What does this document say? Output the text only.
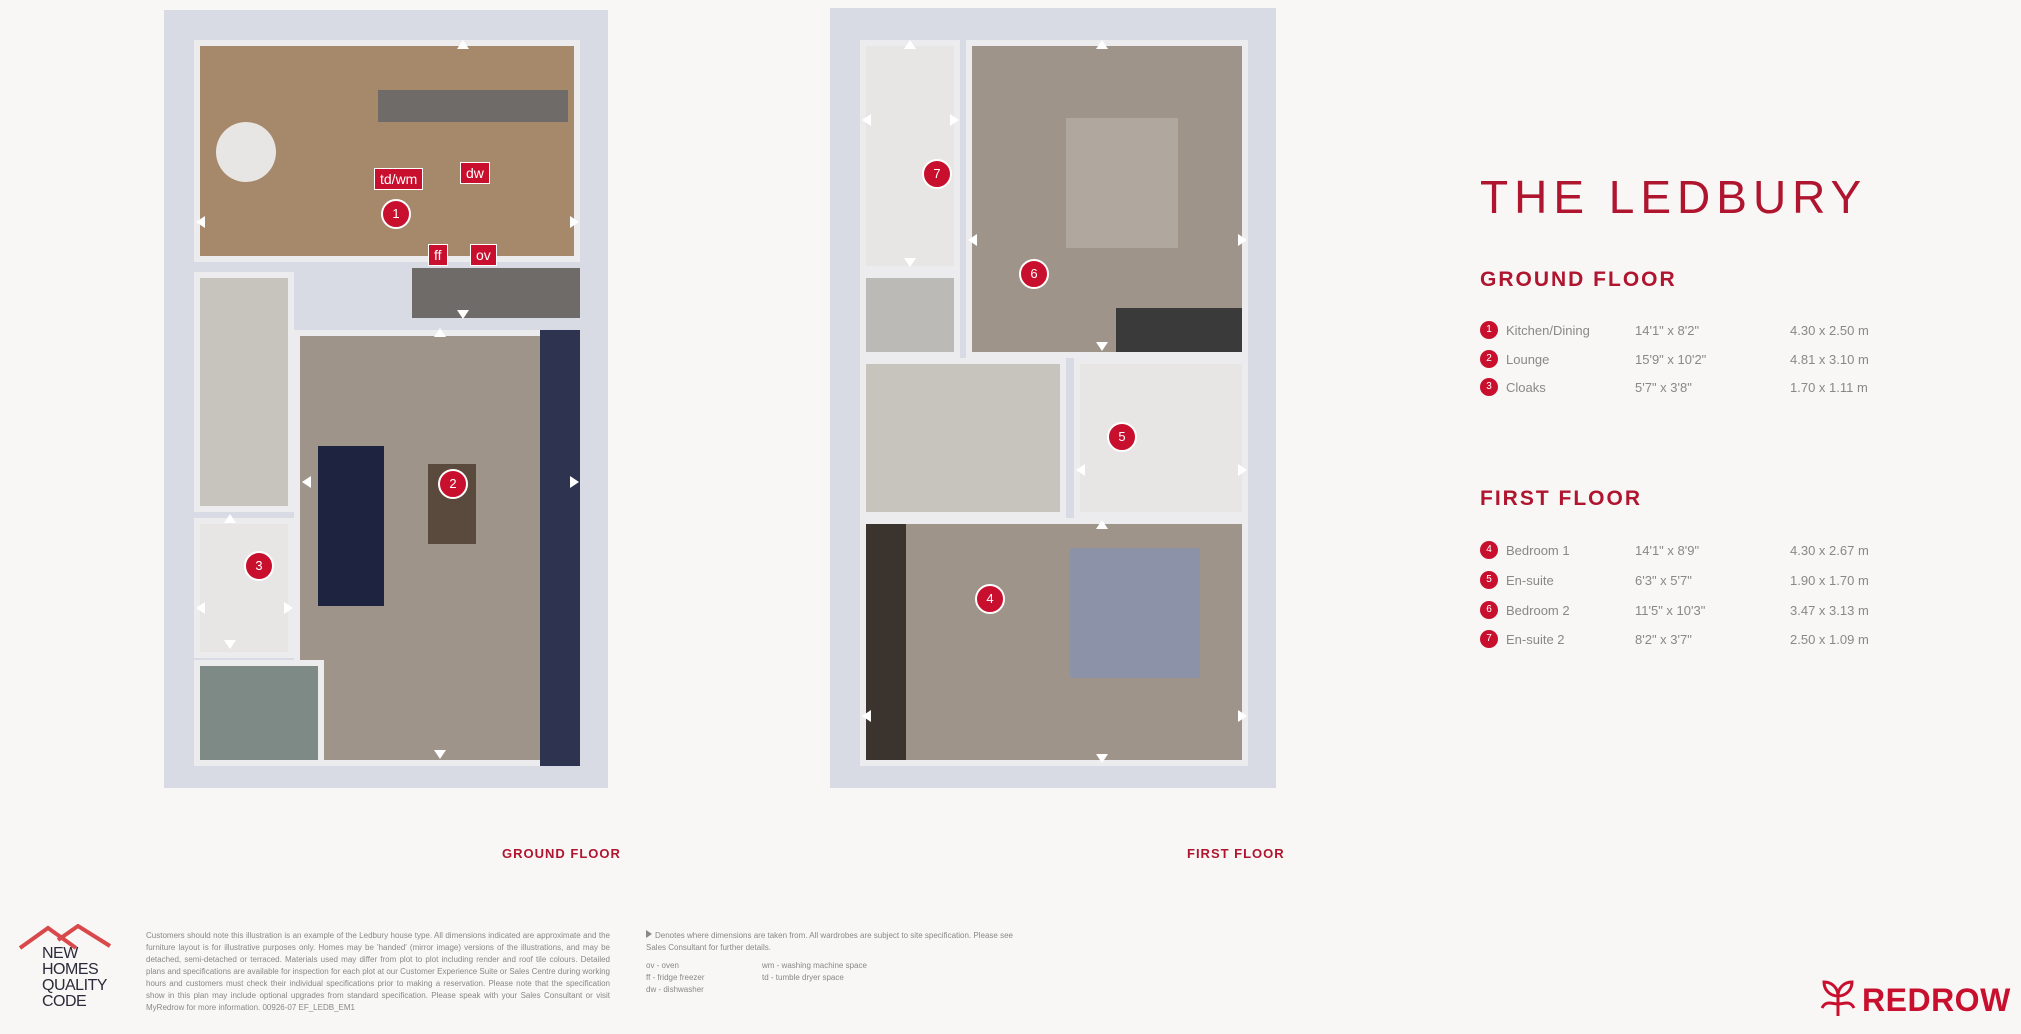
td/wm	dw
ff	ov
1
2
3
7
6
5
4
GROUND FLOOR	FIRST FLOOR
THE LEDBURY
GROUND FLOOR
1	Kitchen/Dining	14'1" x 8'2"	4.30 x 2.50 m
2	Lounge	15'9" x 10'2"	4.81 x 3.10 m
3	Cloaks	5'7" x 3'8"	1.70 x 1.11 m
FIRST FLOOR
4	Bedroom 1	14'1" x 8'9"	4.30 x 2.67 m
5	En-suite	6'3" x 5'7"	1.90 x 1.70 m
6	Bedroom 2	11'5" x 10'3"	3.47 x 3.13 m
7	En-suite 2	8'2" x 3'7"	2.50 x 1.09 m
NEW
HOMES
QUALITY
CODE
Customers should note this illustration is an example of the Ledbury house type. All dimensions indicated are approximate and the furniture layout is for illustrative purposes only. Homes may be 'handed' (mirror image) versions of the illustrations, and may be detached, semi-detached or terraced. Materials used may differ from plot to plot including render and roof tile colours. Detailed plans and specifications are available for inspection for each plot at our Customer Experience Suite or Sales Centre during working hours and customers must check their individual specifications prior to making a reservation. Please note that the specification show in this plan may include optional upgrades from standard specification. Please speak with your Sales Consultant or visit MyRedrow for more information. 00926-07 EF_LEDB_EM1
Denotes where dimensions are taken from. All wardrobes are subject to site specification. Please see Sales Consultant for further details.
ov - oven
ff - fridge freezer
dw - dishwasher
wm - washing machine space
td - tumble dryer space
REDROW
